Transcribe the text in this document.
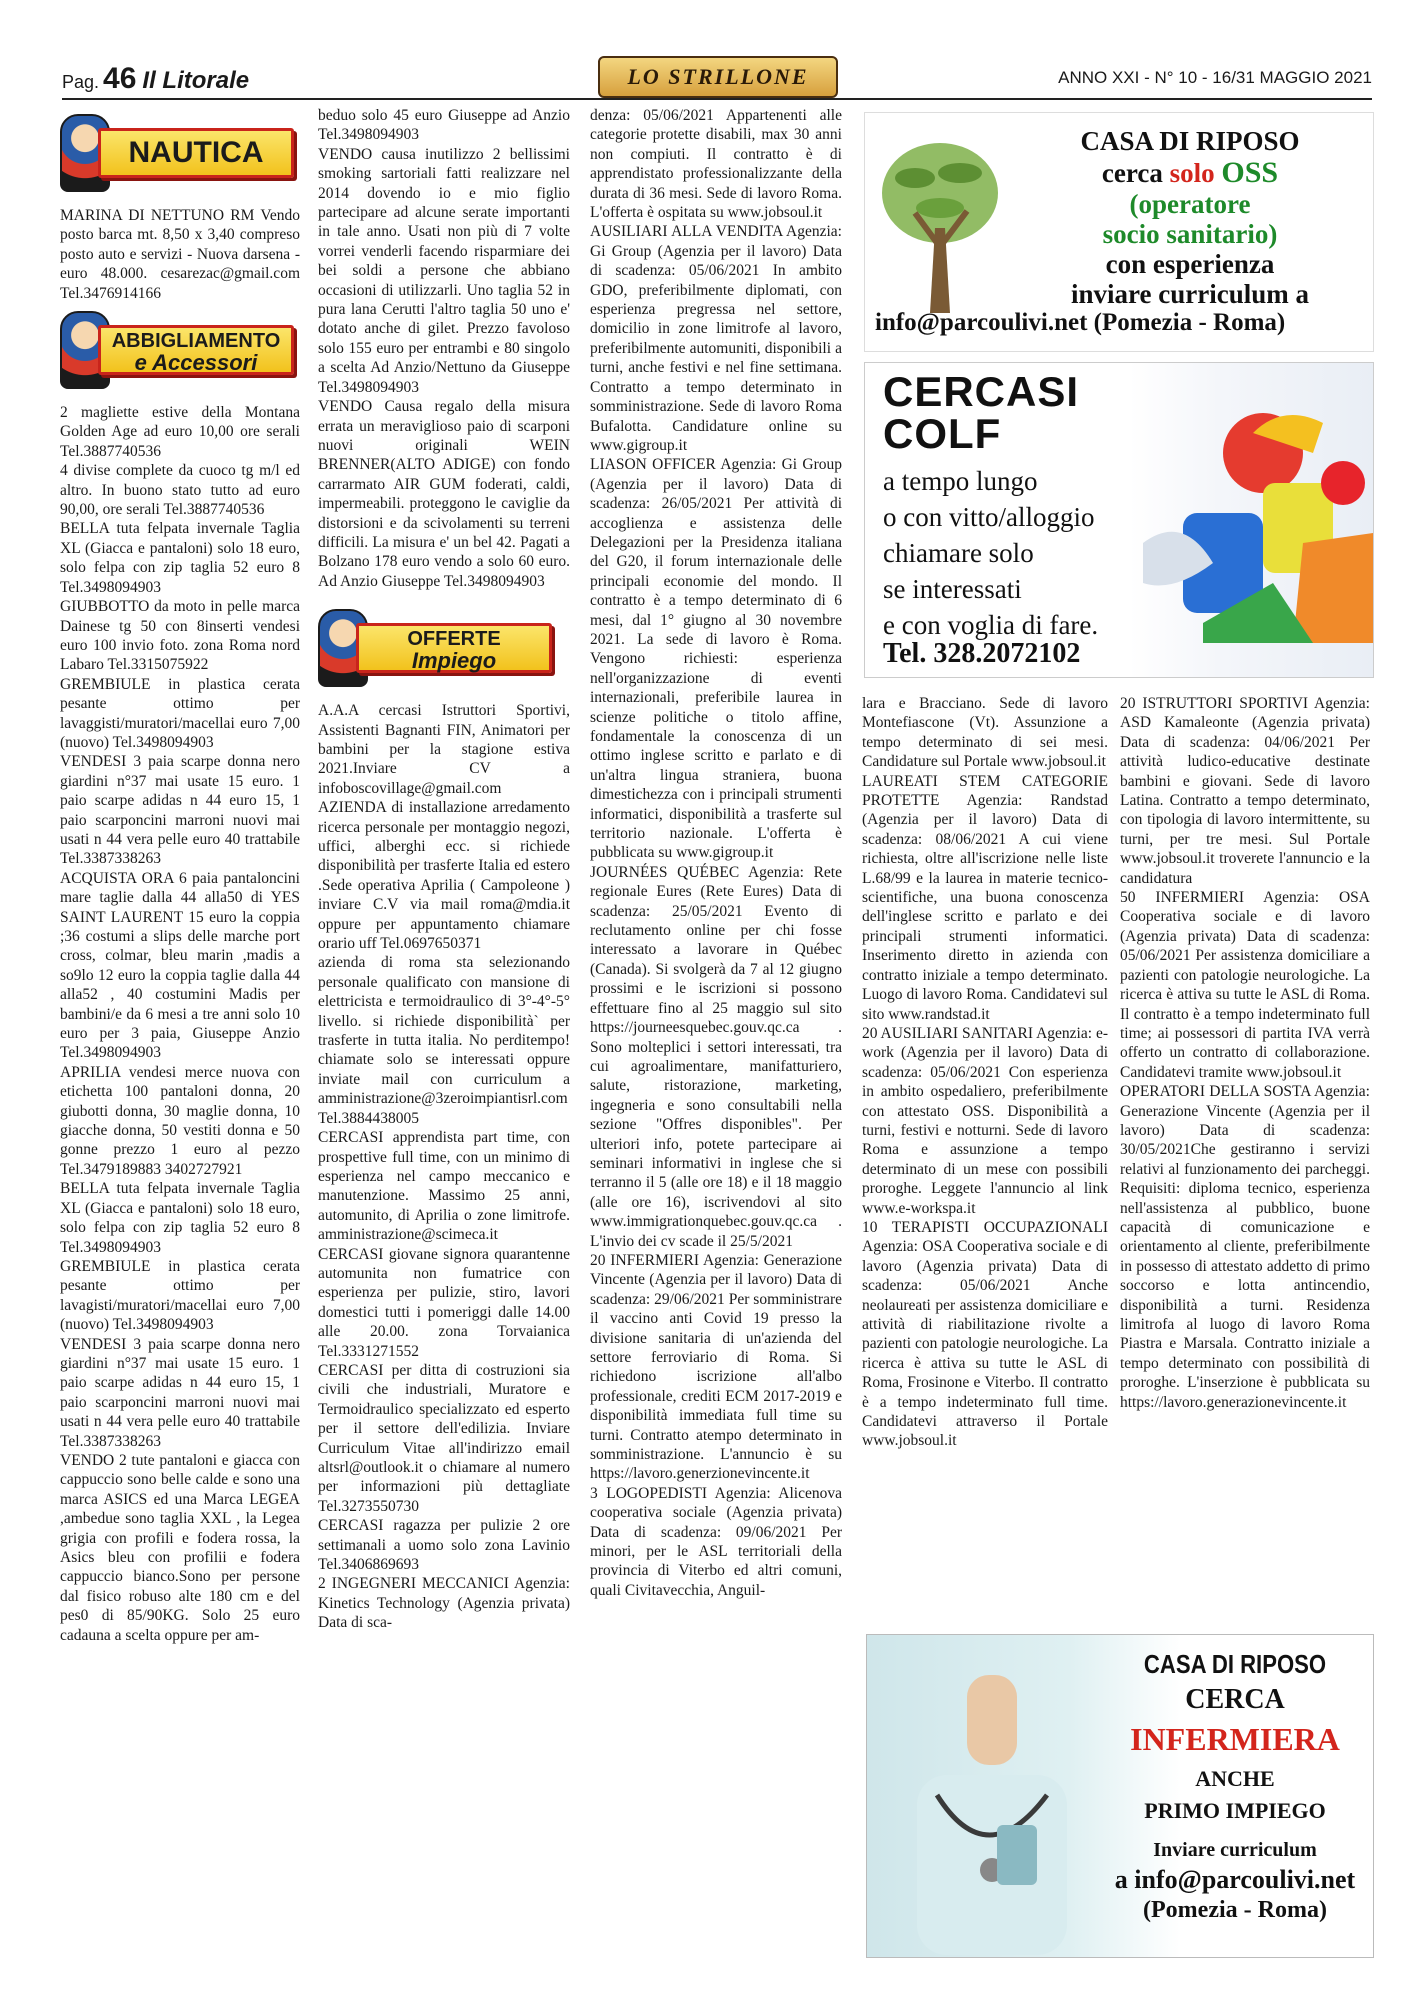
Pag. 46 Il Litorale	LO STRILLONE	ANNO XXI - N° 10 - 16/31 MAGGIO 2021
NAUTICA

MARINA DI NETTUNO RM Vendo posto barca mt. 8,50 x 3,40 compreso posto auto e servizi - Nuova darsena - euro 48.000. cesarezac@gmail.com Tel.3476914166

ABBIGLIAMENTO
e Accessori

2 magliette estive della Montana Golden Age ad euro 10,00 ore serali Tel.3887740536

4 divise complete da cuoco tg m/l ed altro. In buono stato tutto ad euro 90,00, ore serali Tel.3887740536

BELLA tuta felpata invernale Taglia XL (Giacca e pantaloni) solo 18 euro, solo felpa con zip taglia 52 euro 8 Tel.3498094903

GIUBBOTTO da moto in pelle marca Dainese tg 50 con 8inserti vendesi euro 100 invio foto. zona Roma nord Labaro Tel.3315075922

GREMBIULE in plastica cerata pesante ottimo per lavaggisti/muratori/macellai euro 7,00 (nuovo) Tel.3498094903

VENDESI 3 paia scarpe donna nero giardini n°37 mai usate 15 euro. 1 paio scarpe adidas n 44 euro 15, 1 paio scarponcini marroni nuovi mai usati n 44 vera pelle euro 40 trattabile Tel.3387338263

ACQUISTA ORA 6 paia pantaloncini mare taglie dalla 44 alla50 di YES SAINT LAURENT 15 euro la coppia ;36 costumi a slips delle marche port cross, colmar, bleu marin ,madis a so9lo 12 euro la coppia taglie dalla 44 alla52 , 40 costumini Madis per bambini/e da 6 mesi a tre anni solo 10 euro per 3 paia, Giuseppe Anzio Tel.3498094903

APRILIA vendesi merce nuova con etichetta 100 pantaloni donna, 20 giubotti donna, 30 maglie donna, 10 giacche donna, 50 vestiti donna e 50 gonne prezzo 1 euro al pezzo Tel.3479189883 3402727921

BELLA tuta felpata invernale Taglia XL (Giacca e pantaloni) solo 18 euro, solo felpa con zip taglia 52 euro 8 Tel.3498094903

GREMBIULE in plastica cerata pesante ottimo per lavagisti/muratori/macellai euro 7,00 (nuovo) Tel.3498094903

VENDESI 3 paia scarpe donna nero giardini n°37 mai usate 15 euro. 1 paio scarpe adidas n 44 euro 15, 1 paio scarponcini marroni nuovi mai usati n 44 vera pelle euro 40 trattabile Tel.3387338263

VENDO 2 tute pantaloni e giacca con cappuccio sono belle calde e sono una marca ASICS ed una Marca LEGEA ,ambedue sono taglia XXL , la Legea grigia con profili e fodera rossa, la Asics bleu con profilii e fodera cappuccio bianco.Sono per persone dal fisico robuso alte 180 cm e del pes0 di 85/90KG. Solo 25 euro cadauna a scelta oppure per am-

beduo solo 45 euro Giuseppe ad Anzio Tel.3498094903

VENDO causa inutilizzo 2 bellissimi smoking sartoriali fatti realizzare nel 2014 dovendo io e mio figlio partecipare ad alcune serate importanti in tale anno. Usati non più di 7 volte vorrei venderli facendo risparmiare dei bei soldi a persone che abbiano occasioni di utilizzarli. Uno taglia 52 in pura lana Cerutti l'altro taglia 50 uno e' dotato anche di gilet. Prezzo favoloso solo 155 euro per entrambi e 80 singolo a scelta Ad Anzio/Nettuno da Giuseppe Tel.3498094903

VENDO Causa regalo della misura errata un meraviglioso paio di scarponi nuovi originali WEIN BRENNER(ALTO ADIGE) con fondo carrarmato AIR GUM foderati, caldi, impermeabili. proteggono le caviglie da distorsioni e da scivolamenti su terreni difficili. La misura e' un bel 42. Pagati a Bolzano 178 euro vendo a solo 60 euro. Ad Anzio Giuseppe Tel.3498094903

OFFERTE
Impiego

A.A.A cercasi Istruttori Sportivi, Assistenti Bagnanti FIN, Animatori per bambini per la stagione estiva 2021.Inviare CV a infoboscovillage@gmail.com

AZIENDA di installazione arredamento ricerca personale per montaggio negozi, uffici, alberghi ecc. si richiede disponibilità per trasferte Italia ed estero .Sede operativa Aprilia ( Campoleone ) inviare C.V via mail roma@mdia.it oppure per appuntamento chiamare orario uff Tel.0697650371

azienda di roma sta selezionando personale qualificato con mansione di elettricista e termoidraulico di 3°-4°-5° livello. si richiede disponibilità` per trasferte in tutta italia. No perditempo! chiamate solo se interessati oppure inviate mail con curriculum a amministrazione@3zeroimpiantisrl.com Tel.3884438005

CERCASI apprendista part time, con prospettive full time, con un minimo di esperienza nel campo meccanico e manutenzione. Massimo 25 anni, automunito, di Aprilia o zone limitrofe. amministrazione@scimeca.it

CERCASI giovane signora quarantenne automunita non fumatrice con esperienza per pulizie, stiro, lavori domestici tutti i pomeriggi dalle 14.00 alle 20.00. zona Torvaianica Tel.3331271552

CERCASI per ditta di costruzioni sia civili che industriali, Muratore e Termoidraulico specializzato ed esperto per il settore dell'edilizia. Inviare Curriculum Vitae all'indirizzo email altsrl@outlook.it o chiamare al numero per informazioni più dettagliate Tel.3273550730

CERCASI ragazza per pulizie 2 ore settimanali a uomo solo zona Lavinio Tel.3406869693

2 INGEGNERI MECCANICI Agenzia: Kinetics Technology (Agenzia privata) Data di sca-

denza: 05/06/2021 Appartenenti alle categorie protette disabili, max 30 anni non compiuti. Il contratto è di apprendistato professionalizzante della durata di 36 mesi. Sede di lavoro Roma. L'offerta è ospitata su www.jobsoul.it

AUSILIARI ALLA VENDITA Agenzia: Gi Group (Agenzia per il lavoro) Data di scadenza: 05/06/2021 In ambito GDO, preferibilmente diplomati, con esperienza pregressa nel settore, domicilio in zone limitrofe al lavoro, preferibilmente automuniti, disponibili a turni, anche festivi e nel fine settimana. Contratto a tempo determinato in somministrazione. Sede di lavoro Roma Bufalotta. Candidature online su www.gigroup.it

LIASON OFFICER Agenzia: Gi Group (Agenzia per il lavoro) Data di scadenza: 26/05/2021 Per attività di accoglienza e assistenza delle Delegazioni per la Presidenza italiana del G20, il forum internazionale delle principali economie del mondo. Il contratto è a tempo determinato di 6 mesi, dal 1° giugno al 30 novembre 2021. La sede di lavoro è Roma. Vengono richiesti: esperienza nell'organizzazione di eventi internazionali, preferibile laurea in scienze politiche o titolo affine, fondamentale la conoscenza di un ottimo inglese scritto e parlato e di un'altra lingua straniera, buona dimestichezza con i principali strumenti informatici, disponibilità a trasferte sul territorio nazionale. L'offerta è pubblicata su www.gigroup.it

JOURNÉES QUÉBEC Agenzia: Rete regionale Eures (Rete Eures) Data di scadenza: 25/05/2021 Evento di reclutamento online per chi fosse interessato a lavorare in Québec (Canada). Si svolgerà da 7 al 12 giugno prossimi e le iscrizioni si possono effettuare fino al 25 maggio sul sito https://journeesquebec.gouv.qc.ca . Sono molteplici i settori interessati, tra cui agroalimentare, manifatturiero, salute, ristorazione, marketing, ingegneria e sono consultabili nella sezione "Offres disponibles". Per ulteriori info, potete partecipare ai seminari informativi in inglese che si terranno il 5 (alle ore 18) e il 18 maggio (alle ore 16), iscrivendovi al sito www.immigrationquebec.gouv.qc.ca . L'invio dei cv scade il 25/5/2021

20 INFERMIERI Agenzia: Generazione Vincente (Agenzia per il lavoro) Data di scadenza: 29/06/2021 Per somministrare il vaccino anti Covid 19 presso la divisione sanitaria di un'azienda del settore ferroviario di Roma. Si richiedono iscrizione all'albo professionale, crediti ECM 2017-2019 e disponibilità immediata full time su turni. Contratto atempo determinato in somministrazione. L'annuncio è su https://lavoro.generzionevincente.it

3 LOGOPEDISTI Agenzia: Alicenova cooperativa sociale (Agenzia privata) Data di scadenza: 09/06/2021 Per minori, per le ASL territoriali della provincia di Viterbo ed altri comuni, quali Civitavecchia, Anguil-

CASA DI RIPOSO
cerca solo OSS
(operatore
socio sanitario)
con esperienza
inviare curriculum a
info@parcoulivi.net (Pomezia - Roma)
CERCASI
COLF
a tempo lungo
o con vitto/alloggio
chiamare solo
se interessati
e con voglia di fare.
Tel. 328.2072102

lara e Bracciano. Sede di lavoro Montefiascone (Vt). Assunzione a tempo determinato di sei mesi. Candidature sul Portale www.jobsoul.it

LAUREATI STEM CATEGORIE PROTETTE Agenzia: Randstad (Agenzia per il lavoro) Data di scadenza: 08/06/2021 A cui viene richiesta, oltre all'iscrizione nelle liste L.68/99 e la laurea in materie tecnico-scientifiche, una buona conoscenza dell'inglese scritto e parlato e dei principali strumenti informatici. Inserimento diretto in azienda con contratto iniziale a tempo determinato. Luogo di lavoro Roma. Candidatevi sul sito www.randstad.it

20 AUSILIARI SANITARI Agenzia: e-work (Agenzia per il lavoro) Data di scadenza: 05/06/2021 Con esperienza in ambito ospedaliero, preferibilmente con attestato OSS. Disponibilità a turni, festivi e notturni. Sede di lavoro Roma e assunzione a tempo determinato di un mese con possibili proroghe. Leggete l'annuncio al link www.e-workspa.it

10 TERAPISTI OCCUPAZIONALI Agenzia: OSA Cooperativa sociale e di lavoro (Agenzia privata) Data di scadenza: 05/06/2021 Anche neolaureati per assistenza domiciliare e attività di riabilitazione rivolte a pazienti con patologie neurologiche. La ricerca è attiva su tutte le ASL di Roma, Frosinone e Viterbo. Il contratto è a tempo indeterminato full time. Candidatevi attraverso il Portale www.jobsoul.it

20 ISTRUTTORI SPORTIVI Agenzia: ASD Kamaleonte (Agenzia privata) Data di scadenza: 04/06/2021 Per attività ludico-educative destinate bambini e giovani. Sede di lavoro Latina. Contratto a tempo determinato, con tipologia di lavoro intermittente, su turni, per tre mesi. Sul Portale www.jobsoul.it troverete l'annuncio e la candidatura

50 INFERMIERI Agenzia: OSA Cooperativa sociale e di lavoro (Agenzia privata) Data di scadenza: 05/06/2021 Per assistenza domiciliare a pazienti con patologie neurologiche. La ricerca è attiva su tutte le ASL di Roma. Il contratto è a tempo indeterminato full time; ai possessori di partita IVA verrà offerto un contratto di collaborazione. Candidatevi tramite www.jobsoul.it

OPERATORI DELLA SOSTA Agenzia: Generazione Vincente (Agenzia per il lavoro) Data di scadenza: 30/05/2021Che gestiranno i servizi relativi al funzionamento dei parcheggi. Requisiti: diploma tecnico, esperienza nell'assistenza al pubblico, buone capacità di comunicazione e orientamento al cliente, preferibilmente in possesso di attestato addetto di primo soccorso e lotta antincendio, disponibilità a turni. Residenza limitrofa al luogo di lavoro Roma Piastra e Marsala. Contratto iniziale a tempo determinato con possibilità di proroghe. L'inserzione è pubblicata su https://lavoro.generazionevincente.it

CASA DI RIPOSO
CERCA
INFERMIERA
ANCHE
PRIMO IMPIEGO
Inviare curriculum
a info@parcoulivi.net
(Pomezia - Roma)
